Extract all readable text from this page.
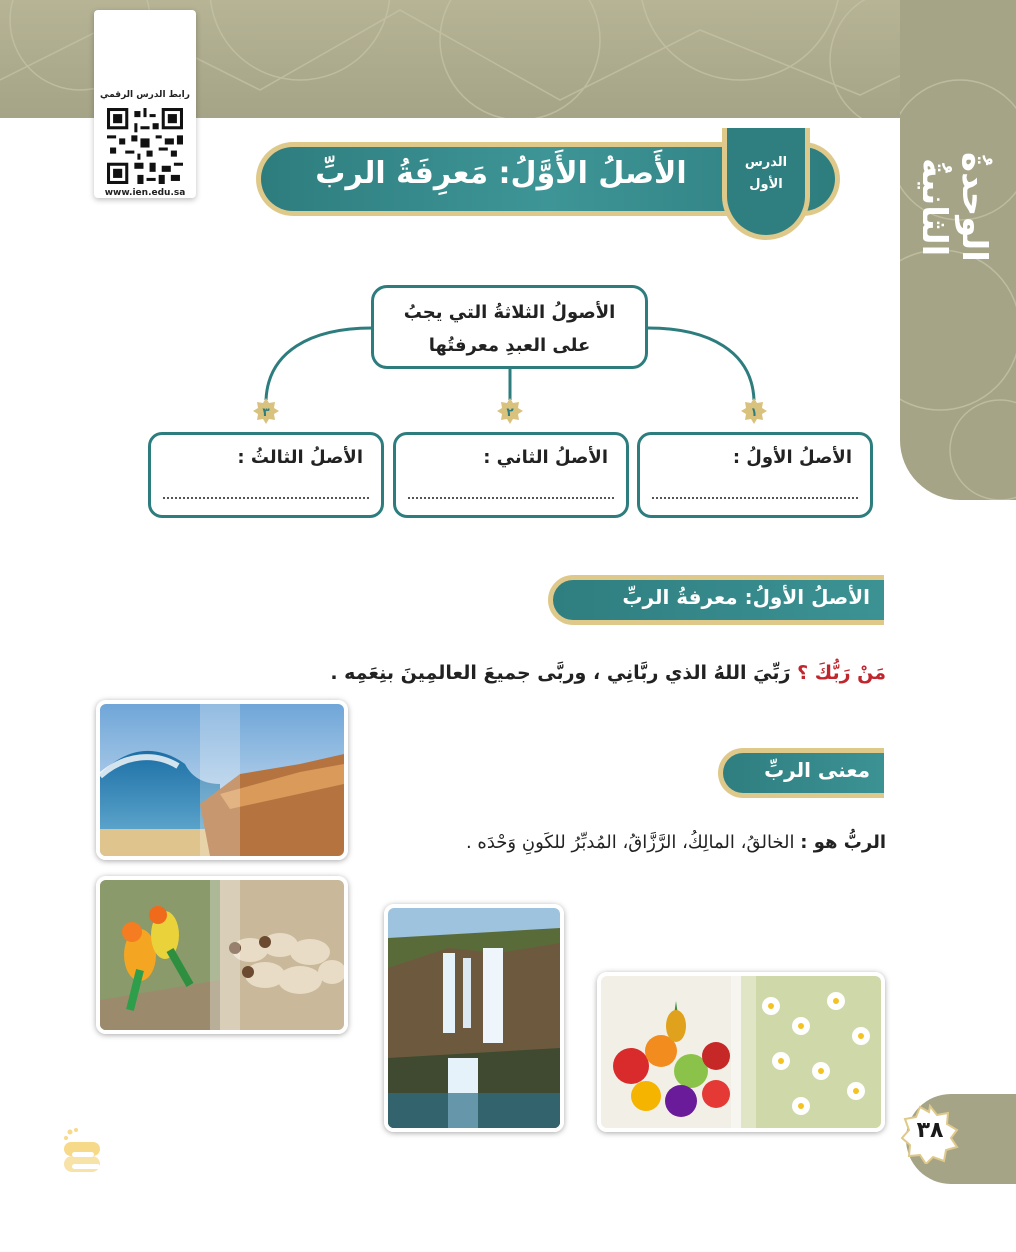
الوحدةُ الثانيةُ
رابط الدرس الرقمي
www.ien.edu.sa
الأَصلُ الأَوَّلُ: مَعرِفَةُ الربِّ	الدرس
الأول
الأصولُ الثلاثةُ التي يجبُ
على العبدِ معرفتُها
١
٢
٣
الأصلُ الأولُ :
الأصلُ الثاني :
الأصلُ الثالثُ :
الأصلُ الأولُ: معرفةُ الربِّ
مَنْ رَبُّكَ ؟ رَبِّيَ اللهُ الذي ربَّانِي ، وربَّى جميعَ العالمِينَ بنِعَمِه .
معنى الربِّ
الربُّ هو : الخالقُ، المالِكُ، الرَّزَّاقُ، المُدبِّرُ للكَونِ وَحْدَه .
٣٨
